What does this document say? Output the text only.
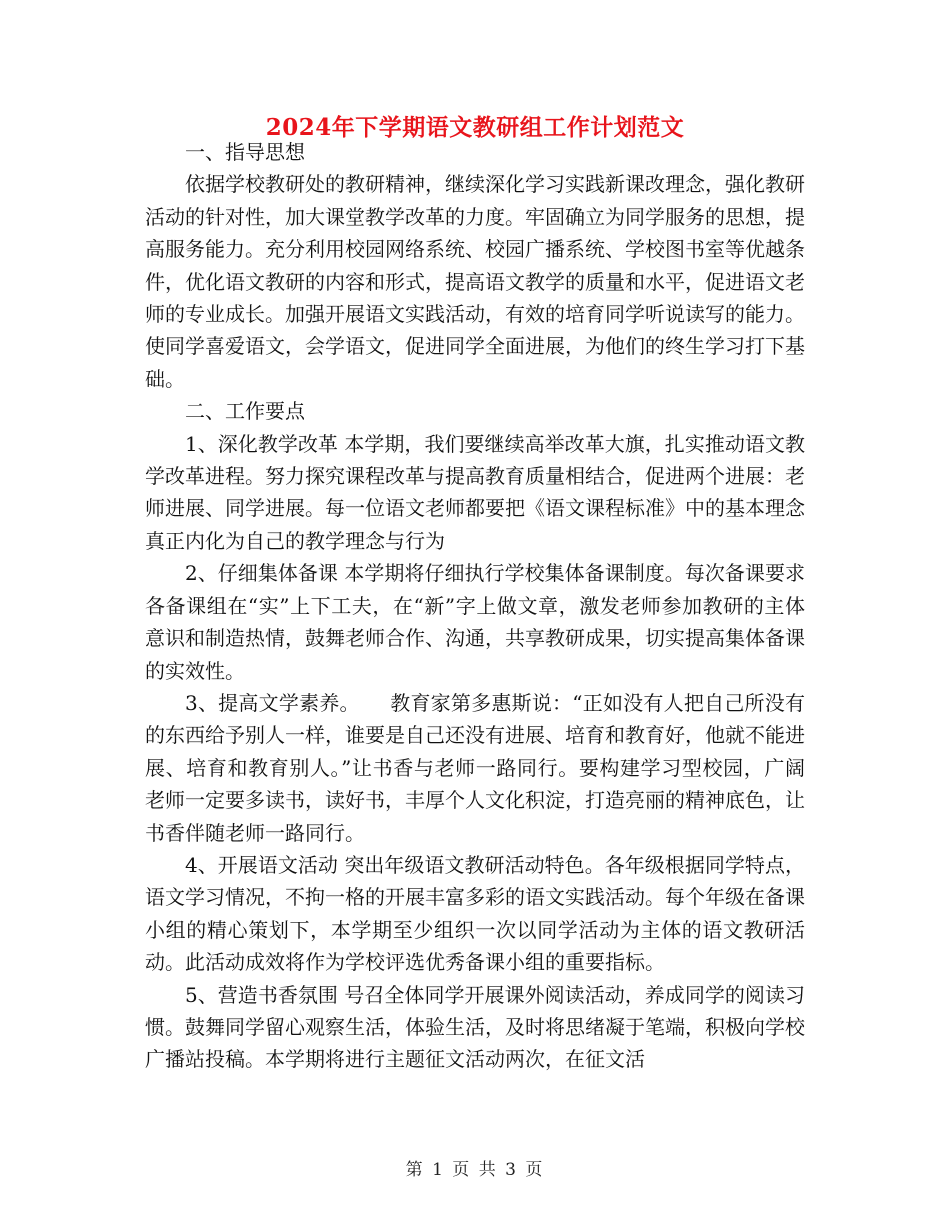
2024年下学期语文教研组工作计划范文

一、指导思想

依据学校教研处的教研精神，继续深化学习实践新课改理念，强化教研活动的针对性，加大课堂教学改革的力度。牢固确立为同学服务的思想，提高服务能力。充分利用校园网络系统、校园广播系统、学校图书室等优越条件，优化语文教研的内容和形式，提高语文教学的质量和水平，促进语文老师的专业成长。加强开展语文实践活动，有效的培育同学听说读写的能力。使同学喜爱语文，会学语文，促进同学全面进展，为他们的终生学习打下基础。

二、工作要点

1、深化教学改革 本学期，我们要继续高举改革大旗，扎实推动语文教学改革进程。努力探究课程改革与提高教育质量相结合，促进两个进展：老师进展、同学进展。每一位语文老师都要把《语文课程标准》中的基本理念真正内化为自己的教学理念与行为

2、仔细集体备课 本学期将仔细执行学校集体备课制度。每次备课要求各备课组在“实”上下工夫，在“新”字上做文章，激发老师参加教研的主体意识和制造热情，鼓舞老师合作、沟通，共享教研成果，切实提高集体备课的实效性。

3、提高文学素养。　　教育家第多惠斯说：“正如没有人把自己所没有的东西给予别人一样，谁要是自己还没有进展、培育和教育好，他就不能进展、培育和教育别人。”让书香与老师一路同行。要构建学习型校园，广阔老师一定要多读书，读好书，丰厚个人文化积淀，打造亮丽的精神底色，让书香伴随老师一路同行。

4、开展语文活动 突出年级语文教研活动特色。各年级根据同学特点，语文学习情况，不拘一格的开展丰富多彩的语文实践活动。每个年级在备课小组的精心策划下，本学期至少组织一次以同学活动为主体的语文教研活动。此活动成效将作为学校评选优秀备课小组的重要指标。

5、营造书香氛围 号召全体同学开展课外阅读活动，养成同学的阅读习惯。鼓舞同学留心观察生活，体验生活，及时将思绪凝于笔端，积极向学校广播站投稿。本学期将进行主题征文活动两次，在征文活

第 1 页 共 3 页
